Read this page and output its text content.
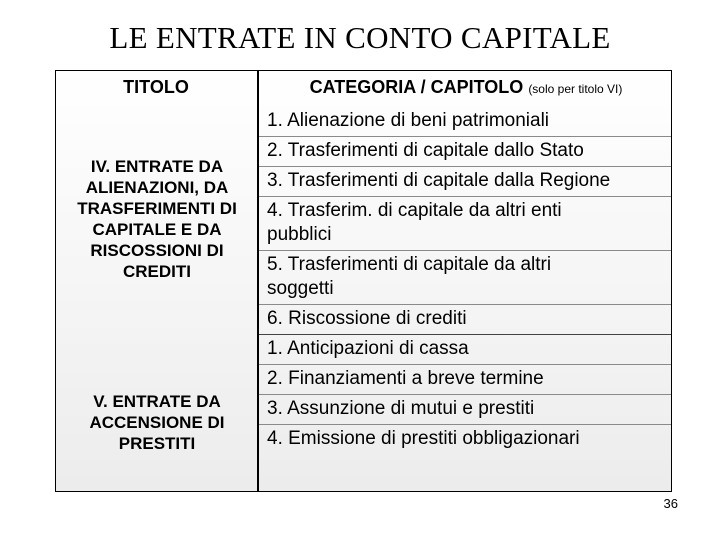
LE ENTRATE IN CONTO CAPITALE
TITOLO	CATEGORIA / CAPITOLO (solo per titolo VI)
IV. ENTRATE DA
ALIENAZIONI, DA
TRASFERIMENTI DI
CAPITALE E DA
RISCOSSIONI DI
CREDITI
V. ENTRATE DA
ACCENSIONE DI
PRESTITI
1. Alienazione di beni patrimoniali
2. Trasferimenti di capitale dallo Stato
3. Trasferimenti di capitale dalla Regione
4. Trasferim. di capitale da altri enti
pubblici
5. Trasferimenti di capitale da altri
soggetti
6. Riscossione di crediti
1. Anticipazioni di cassa
2. Finanziamenti a breve termine
3. Assunzione di mutui e prestiti
4. Emissione di prestiti obbligazionari
36
